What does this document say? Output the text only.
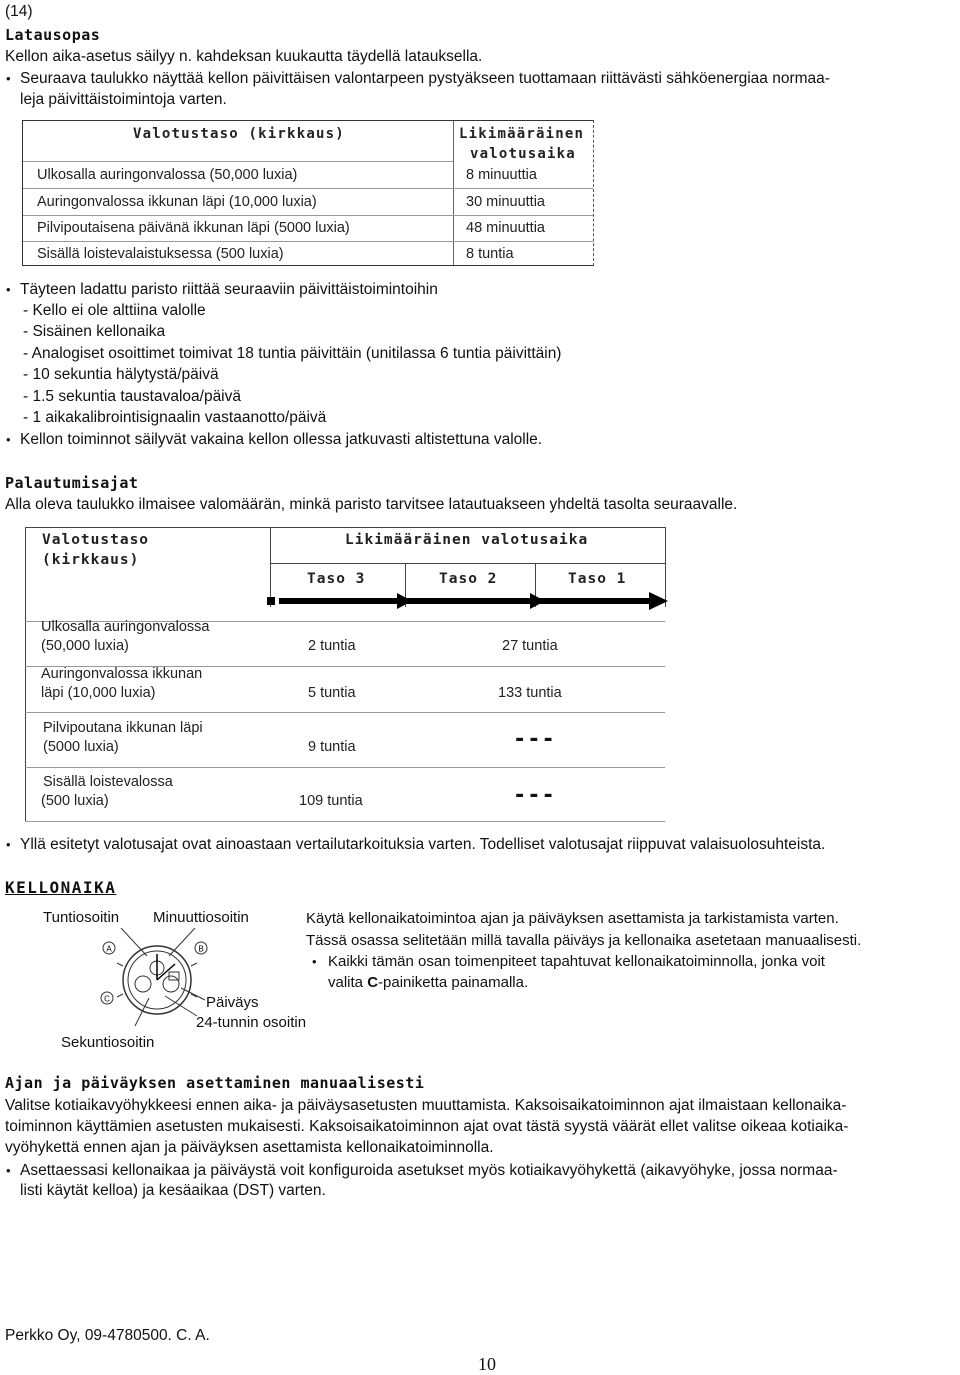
(14)
Latausopas
Kellon aika-asetus säilyy n. kahdeksan kuukautta täydellä latauksella.
• Seuraava taulukko näyttää kellon päivittäisen valontarpeen pystyäkseen tuottamaan riittävästi sähköenergiaa normaa-
leja päivittäistoimintoja varten.
Valotustaso (kirkkaus)	Likimääräinen
valotusaika
Ulkosalla auringonvalossa (50,000 luxia)	8 minuuttia
Auringonvalossa ikkunan läpi (10,000 luxia)	30 minuuttia
Pilvipoutaisena päivänä ikkunan läpi (5000 luxia)	48 minuuttia
Sisällä loistevalaistuksessa (500 luxia)	8 tuntia
• Täyteen ladattu paristo riittää seuraaviin päivittäistoimintoihin
- Kello ei ole alttiina valolle
- Sisäinen kellonaika
- Analogiset osoittimet toimivat 18 tuntia päivittäin (unitilassa 6 tuntia päivittäin)
- 10 sekuntia hälytystä/päivä
- 1.5 sekuntia taustavaloa/päivä
- 1 aikakalibrointisignaalin vastaanotto/päivä
• Kellon toiminnot säilyvät vakaina kellon ollessa jatkuvasti altistettuna valolle.
Palautumisajat
Alla oleva taulukko ilmaisee valomäärän, minkä paristo tarvitsee latautuakseen yhdeltä tasolta seuraavalle.
Valotustaso
(kirkkaus)
Likimääräinen valotusaika
Taso 3	Taso 2	Taso 1
Ulkosalla auringonvalossa
(50,000 luxia)	2 tuntia	27 tuntia
Auringonvalossa ikkunan
läpi (10,000 luxia)	5 tuntia	133 tuntia
Pilvipoutana ikkunan läpi
(5000 luxia)	9 tuntia	---
Sisällä loistevalossa
(500 luxia)	109 tuntia	---
• Yllä esitetyt valotusajat ovat ainoastaan vertailutarkoituksia varten. Todelliset valotusajat riippuvat valaisuolosuhteista.
KELLONAIKA
Tuntiosoitin Minuuttiosoitin
Päiväys
24-tunnin osoitin
Sekuntiosoitin
A	B
C
Käytä kellonaikatoimintoa ajan ja päiväyksen asettamista ja tarkistamista varten.
Tässä osassa selitetään millä tavalla päiväys ja kellonaika asetetaan manuaalisesti.
Kaikki tämän osan toimenpiteet tapahtuvat kellonaikatoiminnolla, jonka voit
•
valita C-painiketta painamalla.
Ajan ja päiväyksen asettaminen manuaalisesti
Valitse kotiaikavyöhykkeesi ennen aika- ja päiväysasetusten muuttamista. Kaksoisaikatoiminnon ajat ilmaistaan kellonaika-
toiminnon käyttämien asetusten mukaisesti. Kaksoisaikatoiminnon ajat ovat tästä syystä väärät ellet valitse oikeaa kotiaika-
vyöhykettä ennen ajan ja päiväyksen asettamista kellonaikatoiminnolla.
• Asettaessasi kellonaikaa ja päiväystä voit konfiguroida asetukset myös kotiaikavyöhykettä (aikavyöhyke, jossa normaa-
listi käytät kelloa) ja kesäaikaa (DST) varten.
Perkko Oy, 09-4780500. C. A.
10
